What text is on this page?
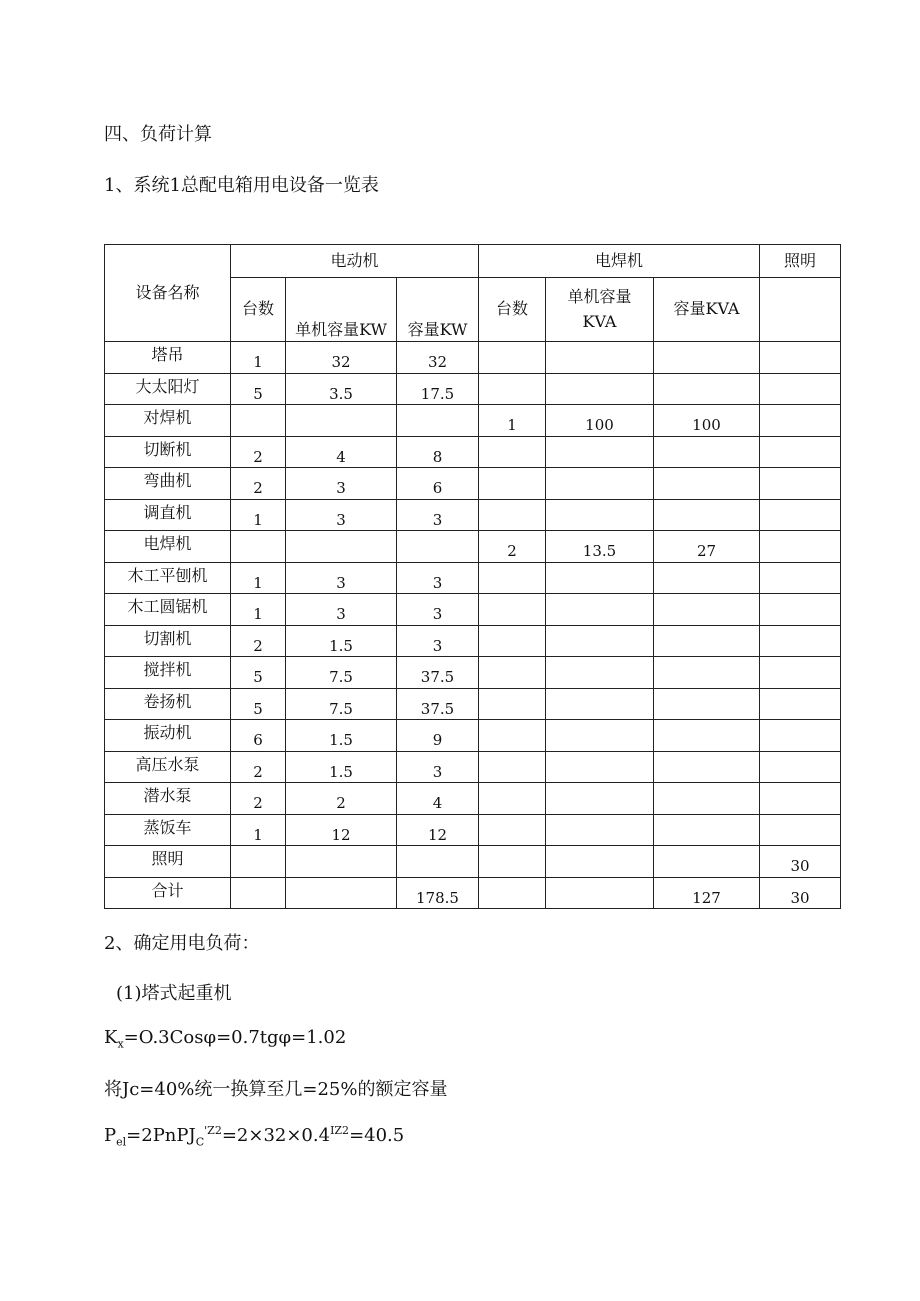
四、负荷计算
1、系统1总配电箱用电设备一览表
设备名称	电动机			电焊机			照明
	台数	单机容量KW	容量KW	台数	单机容量
KVA	容量KVA	
塔吊	1	32	32				
大太阳灯	5	3.5	17.5				
对焊机				1	100	100	
切断机	2	4	8				
弯曲机	2	3	6				
调直机	1	3	3				
电焊机				2	13.5	27	
木工平刨机	1	3	3				
木工圆锯机	1	3	3				
切割机	2	1.5	3				
搅拌机	5	7.5	37.5				
卷扬机	5	7.5	37.5				
振动机	6	1.5	9				
高压水泵	2	1.5	3				
潜水泵	2	2	4				
蒸饭车	1	12	12				
照明							30
合计			178.5			127	30
2、确定用电负荷：
(1)塔式起重机
$K_x=O.3Cos\varphi=0.7tg\varphi=1.02$
将Jc=40%统一换算至几=25%的额定容量
$P_{el}=2PnPJ_C^{'Z2}=2\times 32\times 0.4^{IZ2}=40.5$
